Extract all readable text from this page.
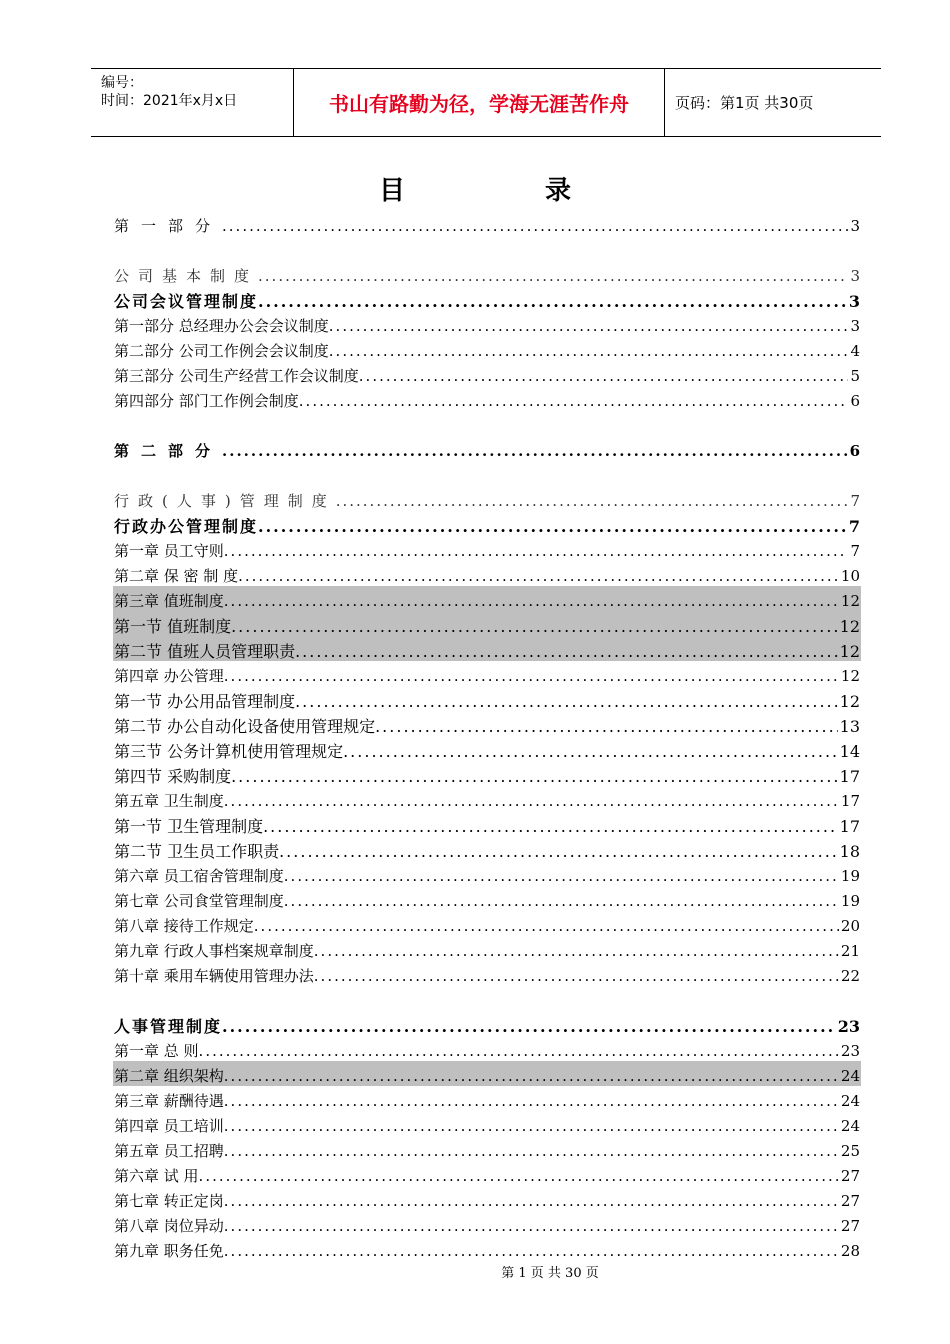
编号：
时间：2021年x月x日	书山有路勤为径，学海无涯苦作舟	页码：第1页 共30页
目录
第一部分 .....	3
公司基本制度 .....	3
公司会议管理制度 .....	3
第一部分 总经理办公会会议制度 .....	3
第二部分 公司工作例会会议制度 .....	4
第三部分 公司生产经营工作会议制度 .....	5
第四部分 部门工作例会制度 .....	6
第二部分 .....	6
行政(人事)管理制度 .....	7
行政办公管理制度 .....	7
第一章 员工守则 .....	7
第二章 保 密 制 度 .....	10
第三章 值班制度 .....	12
第一节 值班制度 .....	12
第二节 值班人员管理职责 .....	12
第四章 办公管理 .....	12
第一节 办公用品管理制度 .....	12
第二节 办公自动化设备使用管理规定 .....	13
第三节 公务计算机使用管理规定 .....	14
第四节 采购制度 .....	17
第五章 卫生制度 .....	17
第一节 卫生管理制度 .....	17
第二节 卫生员工作职责 .....	18
第六章 员工宿舍管理制度 .....	19
第七章 公司食堂管理制度 .....	19
第八章 接待工作规定 .....	20
第九章 行政人事档案规章制度 .....	21
第十章 乘用车辆使用管理办法 .....	22
人事管理制度 .....	23
第一章 总 则 .....	23
第二章 组织架构 .....	24
第三章 薪酬待遇 .....	24
第四章 员工培训 .....	24
第五章 员工招聘 .....	25
第六章 试 用 .....	27
第七章 转正定岗 .....	27
第八章 岗位异动 .....	27
第九章 职务任免 .....	28
第 1 页 共 30 页
